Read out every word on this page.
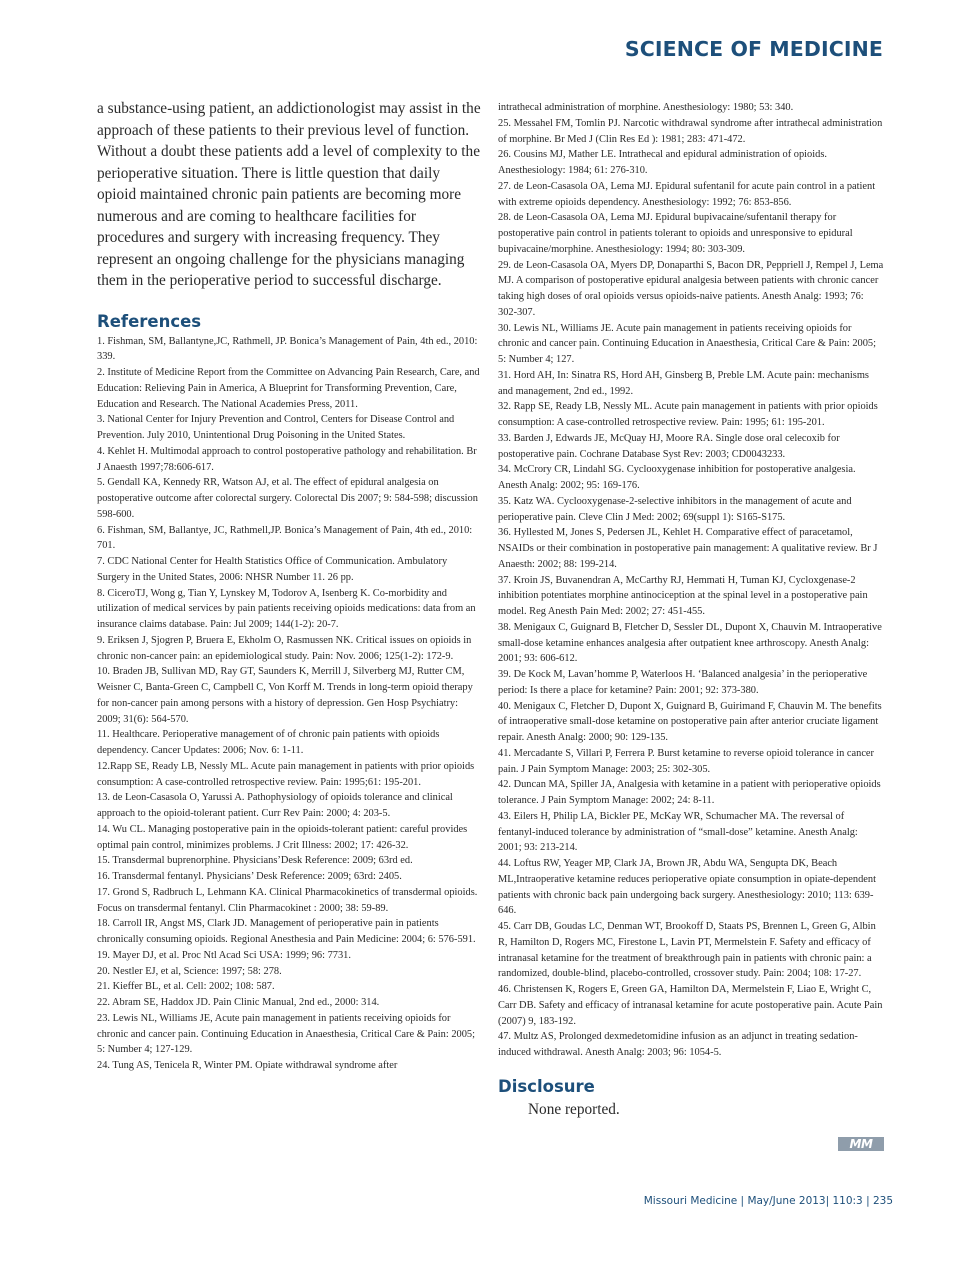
SCIENCE OF MEDICINE

a substance-using patient, an addictionologist may assist in the approach of these patients to their previous level of function. Without a doubt these patients add a level of complexity to the perioperative situation. There is little question that daily opioid maintained chronic pain patients are becoming more numerous and are coming to healthcare facilities for procedures and surgery with increasing frequency. They represent an ongoing challenge for the physicians managing them in the perioperative period to successful discharge.

References

1. Fishman, SM, Ballantyne,JC, Rathmell, JP. Bonica’s Management of Pain, 4th ed., 2010: 339.

2. Institute of Medicine Report from the Committee on Advancing Pain Research, Care, and Education: Relieving Pain in America, A Blueprint for Transforming Prevention, Care, Education and Research. The National Academies Press, 2011.

3. National Center for Injury Prevention and Control, Centers for Disease Control and Prevention. July 2010, Unintentional Drug Poisoning in the United States.

4. Kehlet H. Multimodal approach to control postoperative pathology and rehabilitation. Br J Anaesth 1997;78:606-617.

5. Gendall KA, Kennedy RR, Watson AJ, et al. The effect of epidural analgesia on postoperative outcome after colorectal surgery. Colorectal Dis 2007; 9: 584-598; discussion 598-600.

6. Fishman, SM, Ballantye, JC, Rathmell,JP. Bonica’s Management of Pain, 4th ed., 2010: 701.

7. CDC National Center for Health Statistics Office of Communication. Ambulatory Surgery in the United States, 2006: NHSR Number 11. 26 pp.

8. CiceroTJ, Wong g, Tian Y, Lynskey M, Todorov A, Isenberg K. Co-morbidity and utilization of medical services by pain patients receiving opioids medications: data from an insurance claims database. Pain: Jul 2009; 144(1-2): 20-7.

9. Eriksen J, Sjogren P, Bruera E, Ekholm O, Rasmussen NK. Critical issues on opioids in chronic non-cancer pain: an epidemiological study. Pain: Nov. 2006; 125(1-2): 172-9.

10. Braden JB, Sullivan MD, Ray GT, Saunders K, Merrill J, Silverberg MJ, Rutter CM, Weisner C, Banta-Green C, Campbell C, Von Korff M. Trends in long-term opioid therapy for non-cancer pain among persons with a history of depression. Gen Hosp Psychiatry: 2009; 31(6): 564-570.

11. Healthcare. Perioperative management of of chronic pain patients with opioids dependency. Cancer Updates: 2006; Nov. 6: 1-11.

12.Rapp SE, Ready LB, Nessly ML. Acute pain management in patients with prior opioids consumption: A case-controlled retrospective review. Pain: 1995;61: 195-201.

13. de Leon-Casasola O, Yarussi A. Pathophysiology of opioids tolerance and clinical approach to the opioid-tolerant patient. Curr Rev Pain: 2000; 4: 203-5.

14. Wu CL. Managing postoperative pain in the opioids-tolerant patient: careful provides optimal pain control, minimizes problems. J Crit Illness: 2002; 17: 426-32.

15. Transdermal buprenorphine. Physicians’Desk Reference: 2009; 63rd ed.

16. Transdermal fentanyl. Physicians’ Desk Reference: 2009; 63rd: 2405.

17. Grond S, Radbruch L, Lehmann KA. Clinical Pharmacokinetics of transdermal opioids. Focus on transdermal fentanyl. Clin Pharmacokinet : 2000; 38: 59-89.

18. Carroll IR, Angst MS, Clark JD. Management of perioperative pain in patients chronically consuming opioids. Regional Anesthesia and Pain Medicine: 2004; 6: 576-591.

19. Mayer DJ, et al. Proc Ntl Acad Sci USA: 1999; 96: 7731.

20. Nestler EJ, et al, Science: 1997; 58: 278.

21. Kieffer BL, et al. Cell: 2002; 108: 587.

22. Abram SE, Haddox JD. Pain Clinic Manual, 2nd ed., 2000: 314.

23. Lewis NL, Williams JE, Acute pain management in patients receiving opioids for chronic and cancer pain. Continuing Education in Anaesthesia, Critical Care & Pain: 2005; 5: Number 4; 127-129.

24. Tung AS, Tenicela R, Winter PM. Opiate withdrawal syndrome after

intrathecal administration of morphine. Anesthesiology: 1980; 53: 340.

25. Messahel FM, Tomlin PJ. Narcotic withdrawal syndrome after intrathecal administration of morphine. Br Med J (Clin Res Ed ): 1981; 283: 471-472.

26. Cousins MJ, Mather LE. Intrathecal and epidural administration of opioids. Anesthesiology: 1984; 61: 276-310.

27. de Leon-Casasola OA, Lema MJ. Epidural sufentanil for acute pain control in a patient with extreme opioids dependency. Anesthesiology: 1992; 76: 853-856.

28. de Leon-Casasola OA, Lema MJ. Epidural bupivacaine/sufentanil therapy for postoperative pain control in patients tolerant to opioids and unresponsive to epidural bupivacaine/morphine. Anesthesiology: 1994; 80: 303-309.

29. de Leon-Casasola OA, Myers DP, Donaparthi S, Bacon DR, Peppriell J, Rempel J, Lema MJ. A comparison of postoperative epidural analgesia between patients with chronic cancer taking high doses of oral opioids versus opioids-naive patients. Anesth Analg: 1993; 76: 302-307.

30. Lewis NL, Williams JE. Acute pain management in patients receiving opioids for chronic and cancer pain. Continuing Education in Anaesthesia, Critical Care & Pain: 2005; 5: Number 4; 127.

31. Hord AH, In: Sinatra RS, Hord AH, Ginsberg B, Preble LM. Acute pain: mechanisms and management, 2nd ed., 1992.

32. Rapp SE, Ready LB, Nessly ML. Acute pain management in patients with prior opioids consumption: A case-controlled retrospective review. Pain: 1995; 61: 195-201.

33. Barden J, Edwards JE, McQuay HJ, Moore RA. Single dose oral celecoxib for postoperative pain. Cochrane Database Syst Rev: 2003; CD0043233.

34. McCrory CR, Lindahl SG. Cyclooxygenase inhibition for postoperative analgesia. Anesth Analg: 2002; 95: 169-176.

35. Katz WA. Cyclooxygenase-2-selective inhibitors in the management of acute and perioperative pain. Cleve Clin J Med: 2002; 69(suppl 1): S165-S175.

36. Hyllested M, Jones S, Pedersen JL, Kehlet H. Comparative effect of paracetamol, NSAIDs or their combination in postoperative pain management: A qualitative review. Br J Anaesth: 2002; 88: 199-214.

37. Kroin JS, Buvanendran A, McCarthy RJ, Hemmati H, Tuman KJ, Cycloxgenase-2 inhibition potentiates morphine antinociception at the spinal level in a postoperative pain model. Reg Anesth Pain Med: 2002; 27: 451-455.

38. Menigaux C, Guignard B, Fletcher D, Sessler DL, Dupont X, Chauvin M. Intraoperative small-dose ketamine enhances analgesia after outpatient knee arthroscopy. Anesth Analg: 2001; 93: 606-612.

39. De Kock M, Lavan’homme P, Waterloos H. ‘Balanced analgesia’ in the perioperative period: Is there a place for ketamine? Pain: 2001; 92: 373-380.

40. Menigaux C, Fletcher D, Dupont X, Guignard B, Guirimand F, Chauvin M. The benefits of intraoperative small-dose ketamine on postoperative pain after anterior cruciate ligament repair. Anesth Analg: 2000; 90: 129-135.

41. Mercadante S, Villari P, Ferrera P. Burst ketamine to reverse opioid tolerance in cancer pain. J Pain Symptom Manage: 2003; 25: 302-305.

42. Duncan MA, Spiller JA, Analgesia with ketamine in a patient with perioperative opioids tolerance. J Pain Symptom Manage: 2002; 24: 8-11.

43. Eilers H, Philip LA, Bickler PE, McKay WR, Schumacher MA. The reversal of fentanyl-induced tolerance by administration of “small-dose” ketamine. Anesth Analg: 2001; 93: 213-214.

44. Loftus RW, Yeager MP, Clark JA, Brown JR, Abdu WA, Sengupta DK, Beach ML,Intraoperative ketamine reduces perioperative opiate consumption in opiate-dependent patients with chronic back pain undergoing back surgery. Anesthesiology: 2010; 113: 639-646.

45. Carr DB, Goudas LC, Denman WT, Brookoff D, Staats PS, Brennen L, Green G, Albin R, Hamilton D, Rogers MC, Firestone L, Lavin PT, Mermelstein F. Safety and efficacy of intranasal ketamine for the treatment of breakthrough pain in patients with chronic pain: a randomized, double-blind, placebo-controlled, crossover study. Pain: 2004; 108: 17-27.

46. Christensen K, Rogers E, Green GA, Hamilton DA, Mermelstein F, Liao E, Wright C, Carr DB. Safety and efficacy of intranasal ketamine for acute postoperative pain. Acute Pain (2007) 9, 183-192.

47. Multz AS, Prolonged dexmedetomidine infusion as an adjunct in treating sedation-induced withdrawal. Anesth Analg: 2003; 96: 1054-5.

Disclosure

None reported.

MM
Missouri Medicine | May/June 2013| 110:3 | 235
